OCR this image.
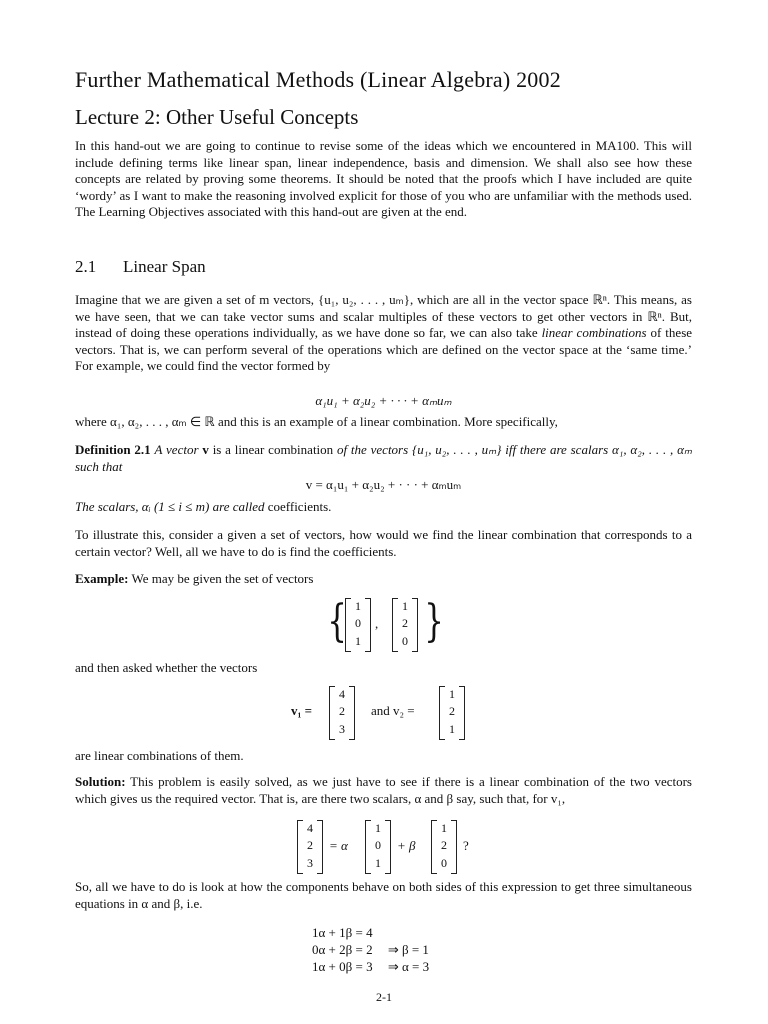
Further Mathematical Methods (Linear Algebra) 2002
Lecture 2: Other Useful Concepts

In this hand-out we are going to continue to revise some of the ideas which we encountered in MA100. This will include defining terms like linear span, linear independence, basis and dimension. We shall also see how these concepts are related by proving some theorems. It should be noted that the proofs which I have included are quite ‘wordy’ as I want to make the reasoning involved explicit for those of you who are unfamiliar with the methods used. The Learning Objectives associated with this hand-out are given at the end.

2.1 Linear Span

Imagine that we are given a set of m vectors, {u₁, u₂, . . . , uₘ}, which are all in the vector space ℝⁿ. This means, as we have seen, that we can take vector sums and scalar multiples of these vectors to get other vectors in ℝⁿ. But, instead of doing these operations individually, as we have done so far, we can also take linear combinations of these vectors. That is, we can perform several of the operations which are defined on the vector space at the ‘same time.’ For example, we could find the vector formed by

α₁u₁ + α₂u₂ + · · · + αₘuₘ

where α₁, α₂, . . . , αₘ ∈ ℝ and this is an example of a linear combination. More specifically,

Definition 2.1 A vector v is a linear combination of the vectors {u₁, u₂, . . . , uₘ} iff there are scalars α₁, α₂, . . . , αₘ such that

v = α₁u₁ + α₂u₂ + · · · + αₘuₘ

The scalars, αᵢ (1 ≤ i ≤ m) are called coefficients.

To illustrate this, consider a given a set of vectors, how would we find the linear combination that corresponds to a certain vector? Well, all we have to do is find the coefficients.

Example: We may be given the set of vectors

{ 1
0
1
,
1
2
0 }

and then asked whether the vectors

v₁ =
4
2
3
and v₂ =
1
2
1

are linear combinations of them.

Solution: This problem is easily solved, as we just have to see if there is a linear combination of the two vectors which gives us the required vector. That is, are there two scalars, α and β say, such that, for v₁,

4
2
3
= α
1
0
1
+ β
1
2
0
?

So, all we have to do is look at how the components behave on both sides of this expression to get three simultaneous equations in α and β, i.e.

1α + 1β = 4
0α + 2β = 2 ⇒ β = 1
1α + 0β = 3 ⇒ α = 3
2-1
